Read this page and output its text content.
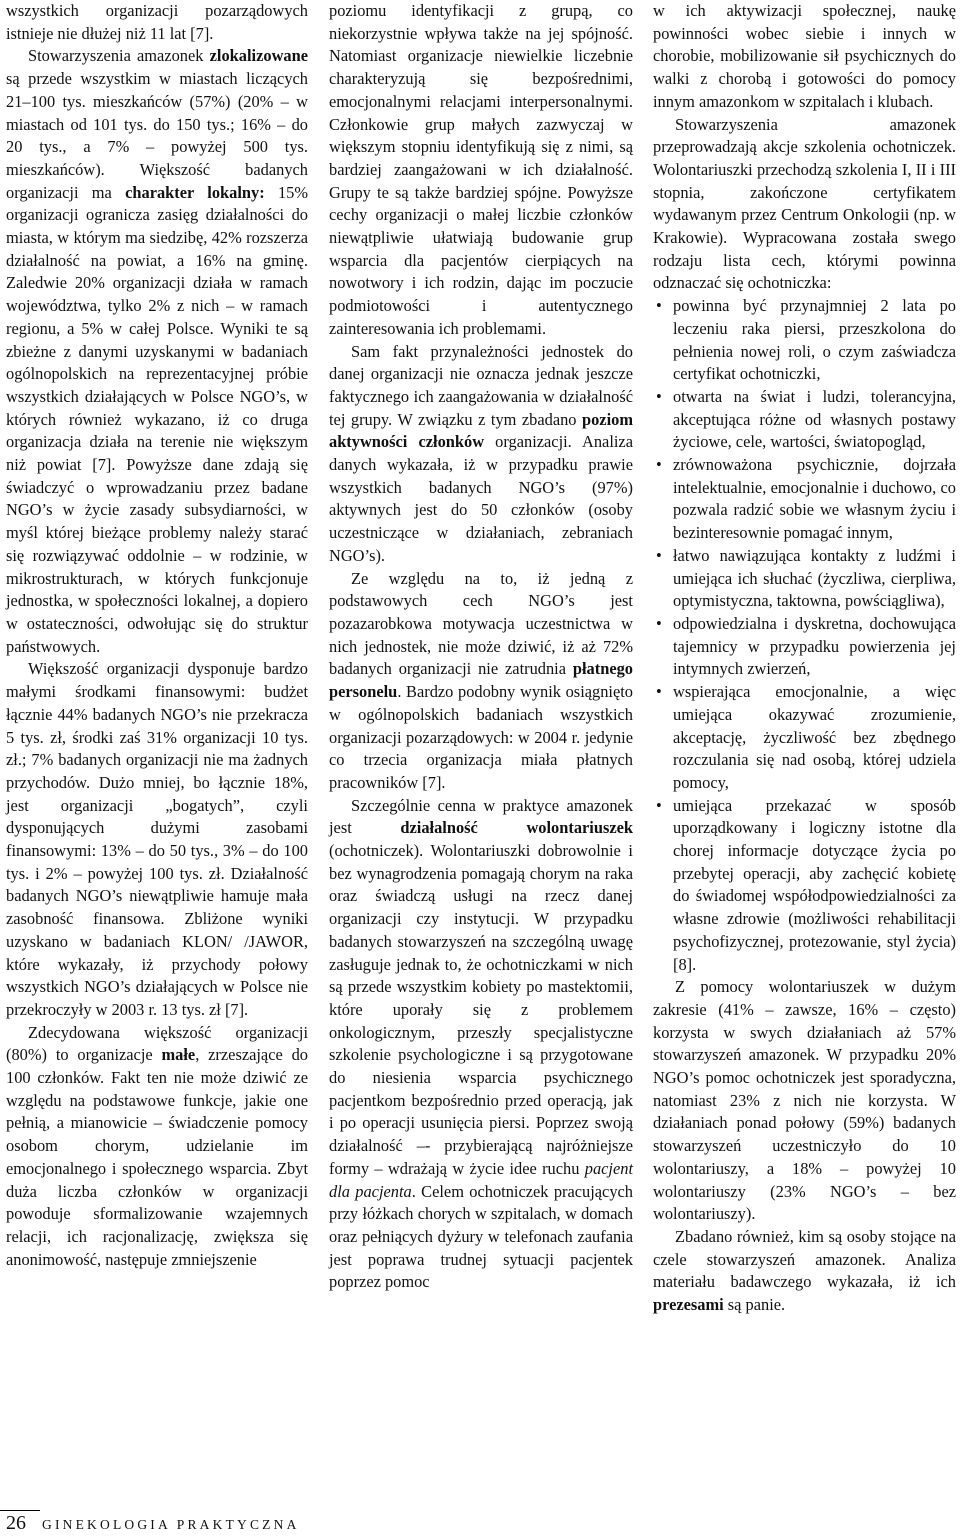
wszystkich organizacji pozarządowych istnieje nie dłużej niż 11 lat [7].

Stowarzyszenia amazonek zlokalizowane są przede wszystkim w miastach liczących 21–100 tys. mieszkańców (57%) (20% – w miastach od 101 tys. do 150 tys.; 16% – do 20 tys., a 7% – powyżej 500 tys. mieszkańców). Większość badanych organizacji ma charakter lokalny: 15% organizacji ogranicza zasięg działalności do miasta, w którym ma siedzibę, 42% rozszerza działalność na powiat, a 16% na gminę. Zaledwie 20% organizacji działa w ramach województwa, tylko 2% z nich – w ramach regionu, a 5% w całej Polsce. Wyniki te są zbieżne z danymi uzyskanymi w badaniach ogólnopolskich na reprezentacyjnej próbie wszystkich działających w Polsce NGO’s, w których również wykazano, iż co druga organizacja działa na terenie nie większym niż powiat [7]. Powyższe dane zdają się świadczyć o wprowadzaniu przez badane NGO’s w życie zasady subsydiarności, w myśl której bieżące problemy należy starać się rozwiązywać oddolnie – w rodzinie, w mikrostrukturach, w których funkcjonuje jednostka, w społeczności lokalnej, a dopiero w ostateczności, odwołując się do struktur państwowych.

Większość organizacji dysponuje bardzo małymi środkami finansowymi: budżet łącznie 44% badanych NGO’s nie przekracza 5 tys. zł, środki zaś 31% organizacji 10 tys. zł.; 7% badanych organizacji nie ma żadnych przychodów. Dużo mniej, bo łącznie 18%, jest organizacji „bogatych”, czyli dysponujących dużymi zasobami finansowymi: 13% – do 50 tys., 3% – do 100 tys. i 2% – powyżej 100 tys. zł. Działalność badanych NGO’s niewątpliwie hamuje mała zasobność finansowa. Zbliżone wyniki uzyskano w badaniach KLON/ /JAWOR, które wykazały, iż przychody połowy wszystkich NGO’s działających w Polsce nie przekroczyły w 2003 r. 13 tys. zł [7].

Zdecydowana większość organizacji (80%) to organizacje małe, zrzeszające do 100 członków. Fakt ten nie może dziwić ze względu na podstawowe funkcje, jakie one pełnią, a mianowicie – świadczenie pomocy osobom chorym, udzielanie im emocjonalnego i społecznego wsparcia. Zbyt duża liczba członków w organizacji powoduje sformalizowanie wzajemnych relacji, ich racjonalizację, zwiększa się anonimowość, następuje zmniejszenie

poziomu identyfikacji z grupą, co niekorzystnie wpływa także na jej spójność. Natomiast organizacje niewielkie liczebnie charakteryzują się bezpośrednimi, emocjonalnymi relacjami interpersonalnymi. Członkowie grup małych zazwyczaj w większym stopniu identyfikują się z nimi, są bardziej zaangażowani w ich działalność. Grupy te są także bardziej spójne. Powyższe cechy organizacji o małej liczbie członków niewątpliwie ułatwiają budowanie grup wsparcia dla pacjentów cierpiących na nowotwory i ich rodzin, dając im poczucie podmiotowości i autentycznego zainteresowania ich problemami.

Sam fakt przynależności jednostek do danej organizacji nie oznacza jednak jeszcze faktycznego ich zaangażowania w działalność tej grupy. W związku z tym zbadano poziom aktywności członków organizacji. Analiza danych wykazała, iż w przypadku prawie wszystkich badanych NGO’s (97%) aktywnych jest do 50 członków (osoby uczestniczące w działaniach, zebraniach NGO’s).

Ze względu na to, iż jedną z podstawowych cech NGO’s jest pozazarobkowa motywacja uczestnictwa w nich jednostek, nie może dziwić, iż aż 72% badanych organizacji nie zatrudnia płatnego personelu. Bardzo podobny wynik osiągnięto w ogólnopolskich badaniach wszystkich organizacji pozarządowych: w 2004 r. jedynie co trzecia organizacja miała płatnych pracowników [7].

Szczególnie cenna w praktyce amazonek jest działalność wolontariuszek (ochotniczek). Wolontariuszki dobrowolnie i bez wynagrodzenia pomagają chorym na raka oraz świadczą usługi na rzecz danej organizacji czy instytucji. W przypadku badanych stowarzyszeń na szczególną uwagę zasługuje jednak to, że ochotniczkami w nich są przede wszystkim kobiety po mastektomii, które uporały się z problemem onkologicznym, przeszły specjalistyczne szkolenie psychologiczne i są przygotowane do niesienia wsparcia psychicznego pacjentkom bezpośrednio przed operacją, jak i po operacji usunięcia piersi. Poprzez swoją działalność –- przybierającą najróżniejsze formy – wdrażają w życie idee ruchu pacjent dla pacjenta. Celem ochotniczek pracujących przy łóżkach chorych w szpitalach, w domach oraz pełniących dyżury w telefonach zaufania jest poprawa trudnej sytuacji pacjentek poprzez pomoc

w ich aktywizacji społecznej, naukę powinności wobec siebie i innych w chorobie, mobilizowanie sił psychicznych do walki z chorobą i gotowości do pomocy innym amazonkom w szpitalach i klubach.

Stowarzyszenia amazonek przeprowadzają akcje szkolenia ochotniczek. Wolontariuszki przechodzą szkolenia I, II i III stopnia, zakończone certyfikatem wydawanym przez Centrum Onkologii (np. w Krakowie). Wypracowana została swego rodzaju lista cech, którymi powinna odznaczać się ochotniczka:

• powinna być przynajmniej 2 lata po leczeniu raka piersi, przeszkolona do pełnienia nowej roli, o czym zaświadcza certyfikat ochotniczki,
• otwarta na świat i ludzi, tolerancyjna, akceptująca różne od własnych postawy życiowe, cele, wartości, światopogląd,
• zrównoważona psychicznie, dojrzała intelektualnie, emocjonalnie i duchowo, co pozwala radzić sobie we własnym życiu i bezinteresownie pomagać innym,
• łatwo nawiązująca kontakty z ludźmi i umiejąca ich słuchać (życzliwa, cierpliwa, optymistyczna, taktowna, powściągliwa),
• odpowiedzialna i dyskretna, dochowująca tajemnicy w przypadku powierzenia jej intymnych zwierzeń,
• wspierająca emocjonalnie, a więc umiejąca okazywać zrozumienie, akceptację, życzliwość bez zbędnego rozczulania się nad osobą, której udziela pomocy,
• umiejąca przekazać w sposób uporządkowany i logiczny istotne dla chorej informacje dotyczące życia po przebytej operacji, aby zachęcić kobietę do świadomej współodpowiedzialności za własne zdrowie (możliwości rehabilitacji psychofizycznej, protezowanie, styl życia) [8].

Z pomocy wolontariuszek w dużym zakresie (41% – zawsze, 16% – często) korzysta w swych działaniach aż 57% stowarzyszeń amazonek. W przypadku 20% NGO’s pomoc ochotniczek jest sporadyczna, natomiast 23% z nich nie korzysta. W działaniach ponad połowy (59%) badanych stowarzyszeń uczestniczyło do 10 wolontariuszy, a 18% – powyżej 10 wolontariuszy (23% NGO’s – bez wolontariuszy).

Zbadano również, kim są osoby stojące na czele stowarzyszeń amazonek. Analiza materiału badawczego wykazała, iż ich prezesami są panie.

26 GINEKOLOGIA PRAKTYCZNA
